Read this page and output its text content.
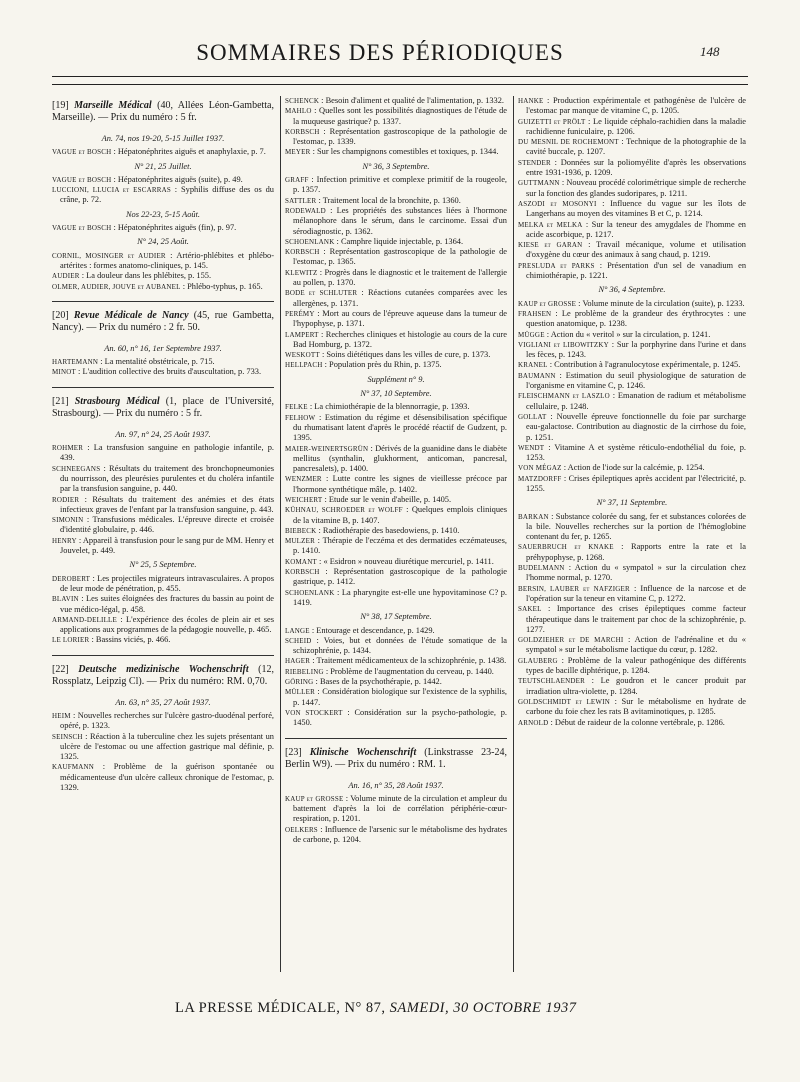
SOMMAIRES DES PÉRIODIQUES	148

[19] Marseille Médical (40, Allées Léon-Gambetta, Marseille). — Prix du numéro : 5 fr.

An. 74, nos 19-20, 5-15 Juillet 1937.

VAGUE et BOSCH : Hépatonéphrites aiguës et anaphylaxie, p. 7.

N° 21, 25 Juillet.

VAGUE et BOSCH : Hépatonéphrites aiguës (suite), p. 49.

LUCCIONI, LLUCIA et ESCARRAS : Syphilis diffuse des os du crâne, p. 72.

Nos 22-23, 5-15 Août.

VAGUE et BOSCH : Hépatonéphrites aiguës (fin), p. 97.

N° 24, 25 Août.

CORNIL, MOSINGER et AUDIER : Artério-phlébites et phlébo-artérites : formes anatomo-cliniques, p. 145.

AUDIER : La douleur dans les phlébites, p. 155.

OLMER, AUDIER, JOUVE et AUBANEL : Phlébo-typhus, p. 165.

[20] Revue Médicale de Nancy (45, rue Gambetta, Nancy). — Prix du numéro : 2 fr. 50.

An. 60, n° 16, 1er Septembre 1937.

HARTEMANN : La mentalité obstétricale, p. 715.

MINOT : L'audition collective des bruits d'auscultation, p. 733.

[21] Strasbourg Médical (1, place de l'Université, Strasbourg). — Prix du numéro : 5 fr.

An. 97, n° 24, 25 Août 1937.

ROHMER : La transfusion sanguine en pathologie infantile, p. 439.

SCHNEEGANS : Résultats du traitement des bronchopneumonies du nourrisson, des pleurésies purulentes et du choléra infantile par la transfusion sanguine, p. 440.

RODIER : Résultats du traitement des anémies et des états infectieux graves de l'enfant par la transfusion sanguine, p. 443.

SIMONIN : Transfusions médicales. L'épreuve directe et croisée d'identité globulaire, p. 446.

HENRY : Appareil à transfusion pour le sang pur de MM. Henry et Jouvelet, p. 449.

N° 25, 5 Septembre.

DEROBERT : Les projectiles migrateurs intravasculaires. A propos de leur mode de pénétration, p. 455.

BLAVIN : Les suites éloignées des fractures du bassin au point de vue médico-légal, p. 458.

ARMAND-DELILLE : L'expérience des écoles de plein air et ses applications aux programmes de la pédagogie nouvelle, p. 465.

LE LORIER : Bassins viciés, p. 466.

[22] Deutsche medizinische Wochenschrift (12, Rossplatz, Leipzig Cl). — Prix du numéro: RM. 0,70.

An. 63, n° 35, 27 Août 1937.

HEIM : Nouvelles recherches sur l'ulcère gastro-duodénal perforé, opéré, p. 1323.

SEINSCH : Réaction à la tuberculine chez les sujets présentant un ulcère de l'estomac ou une affection gastrique mal définie, p. 1325.

KAUFMANN : Problème de la guérison spontanée ou médicamenteuse d'un ulcère calleux chronique de l'estomac, p. 1329.

SCHENCK : Besoin d'aliment et qualité de l'alimentation, p. 1332.

MAHLO : Quelles sont les possibilités diagnostiques de l'étude de la muqueuse gastrique? p. 1337.

KORBSCH : Représentation gastroscopique de la pathologie de l'estomac, p. 1339.

MEYER : Sur les champignons comestibles et toxiques, p. 1344.

N° 36, 3 Septembre.

GRAFF : Infection primitive et complexe primitif de la rougeole, p. 1357.

SATTLER : Traitement local de la bronchite, p. 1360.

RODEWALD : Les propriétés des substances liées à l'hormone mélanophore dans le sérum, dans le carcinome. Essai d'un sérodiagnostic, p. 1362.

SCHOENLANK : Camphre liquide injectable, p. 1364.

KORBSCH : Représentation gastroscopique de la pathologie de l'estomac, p. 1365.

KLEWITZ : Progrès dans le diagnostic et le traitement de l'allergie au pollen, p. 1370.

BODE et SCHLUTER : Réactions cutanées comparées avec les allergènes, p. 1371.

PERÉMY : Mort au cours de l'épreuve aqueuse dans la tumeur de l'hypophyse, p. 1371.

LAMPERT : Recherches cliniques et histologie au cours de la cure Bad Homburg, p. 1372.

WESKOTT : Soins diététiques dans les villes de cure, p. 1373.

HELLPACH : Population près du Rhin, p. 1375.

Supplément n° 9.
N° 37, 10 Septembre.

FELKE : La chimiothérapie de la blennorragie, p. 1393.

FELHOW : Estimation du régime et désensibilisation spécifique du rhumatisant latent d'après le procédé réactif de Gudzent, p. 1395.

MAIER-WEINERTSGRÜN : Dérivés de la guanidine dans le diabète mellitus (synthalin, glukhorment, anticoman, pancresal, pancresalets), p. 1400.

WENZMER : Lutte contre les signes de vieillesse précoce par l'hormone synthétique mâle, p. 1402.

WEICHERT : Etude sur le venin d'abeille, p. 1405.

KÜHNAU, SCHROEDER et WOLFF : Quelques emplois cliniques de la vitamine B, p. 1407.

BIEBECK : Radiothérapie des basedowiens, p. 1410.

MULZER : Thérapie de l'eczéma et des dermatides eczémateuses, p. 1410.

KOMANT : « Esidron » nouveau diurétique mercuriel, p. 1411.

KORBSCH : Représentation gastroscopique de la pathologie gastrique, p. 1412.

SCHOENLANK : La pharyngite est-elle une hypovitaminose C? p. 1419.

N° 38, 17 Septembre.

LANGE : Entourage et descendance, p. 1429.

SCHEID : Voies, but et données de l'étude somatique de la schizophrénie, p. 1434.

HAGER : Traitement médicamenteux de la schizophrénie, p. 1438.

RIEBELING : Problème de l'augmentation du cerveau, p. 1440.

GÖRING : Bases de la psychothérapie, p. 1442.

MÜLLER : Considération biologique sur l'existence de la syphilis, p. 1447.

VON STOCKERT : Considération sur la psycho-pathologie, p. 1450.

[23] Klinische Wochenschrift (Linkstrasse 23-24, Berlin W9). — Prix du numéro : RM. 1.

An. 16, n° 35, 28 Août 1937.

KAUP et GROSSE : Volume minute de la circulation et ampleur du battement d'après la loi de corrélation périphérie-cœur-respiration, p. 1201.

OELKERS : Influence de l'arsenic sur le métabolisme des hydrates de carbone, p. 1204.

HANKE : Production expérimentale et pathogénèse de l'ulcère de l'estomac par manque de vitamine C, p. 1205.

GUIZETTI et PRÖLT : Le liquide céphalo-rachidien dans la maladie rachidienne funiculaire, p. 1206.

DU MESNIL DE ROCHEMONT : Technique de la photographie de la cavité buccale, p. 1207.

STENDER : Données sur la poliomyélite d'après les observations entre 1931-1936, p. 1209.

GUTTMANN : Nouveau procédé colorimétrique simple de recherche sur la fonction des glandes sudoripares, p. 1211.

ASZODI et MOSONYI : Influence du vague sur les îlots de Langerhans au moyen des vitamines B et C, p. 1214.

MELKA et MELKA : Sur la teneur des amygdales de l'homme en acide ascorbique, p. 1217.

KIESE et GARAN : Travail mécanique, volume et utilisation d'oxygène du cœur des animaux à sang chaud, p. 1219.

PRESLUDA et PARKS : Présentation d'un sel de vanadium en chimiothérapie, p. 1221.

N° 36, 4 Septembre.

KAUP et GROSSE : Volume minute de la circulation (suite), p. 1233.

FRAHSEN : Le problème de la grandeur des érythrocytes : une question anatomique, p. 1238.

MÜGGE : Action du « veritol » sur la circulation, p. 1241.

VIGLIANI et LIBOWITZKY : Sur la porphyrine dans l'urine et dans les fèces, p. 1243.

KRANEL : Contribution à l'agranulocytose expérimentale, p. 1245.

BAUMANN : Estimation du seuil physiologique de saturation de l'organisme en vitamine C, p. 1246.

FLEISCHMANN et LASZLO : Emanation de radium et métabolisme cellulaire, p. 1248.

GOLLAT : Nouvelle épreuve fonctionnelle du foie par surcharge eau-galactose. Contribution au diagnostic de la cirrhose du foie, p. 1251.

WENDT : Vitamine A et système réticulo-endothélial du foie, p. 1253.

VON MÉGAZ : Action de l'iode sur la calcémie, p. 1254.

MATZDORFF : Crises épileptiques après accident par l'électricité, p. 1255.

N° 37, 11 Septembre.

BARKAN : Substance colorée du sang, fer et substances colorées de la bile. Nouvelles recherches sur la portion de l'hémoglobine contenant du fer, p. 1265.

SAUERBRUCH et KNAKE : Rapports entre la rate et la préhypophyse, p. 1268.

BUDELMANN : Action du « sympatol » sur la circulation chez l'homme normal, p. 1270.

BERSIN, LAUBER et NAFZIGER : Influence de la narcose et de l'opération sur la teneur en vitamine C, p. 1272.

SAKEL : Importance des crises épileptiques comme facteur thérapeutique dans le traitement par choc de la schizophrénie, p. 1277.

GOLDZIEHER et DE MARCHI : Action de l'adrénaline et du « sympatol » sur le métabolisme lactique du cœur, p. 1282.

GLAUBERG : Problème de la valeur pathogénique des différents types de bacille diphtérique, p. 1284.

TEUTSCHLAENDER : Le goudron et le cancer produit par irradiation ultra-violette, p. 1284.

GOLDSCHMIDT et LEWIN : Sur le métabolisme en hydrate de carbone du foie chez les rats B avitaminotiques, p. 1285.

ARNOLD : Début de raideur de la colonne vertébrale, p. 1286.

LA PRESSE MÉDICALE, N° 87, SAMEDI, 30 OCTOBRE 1937
